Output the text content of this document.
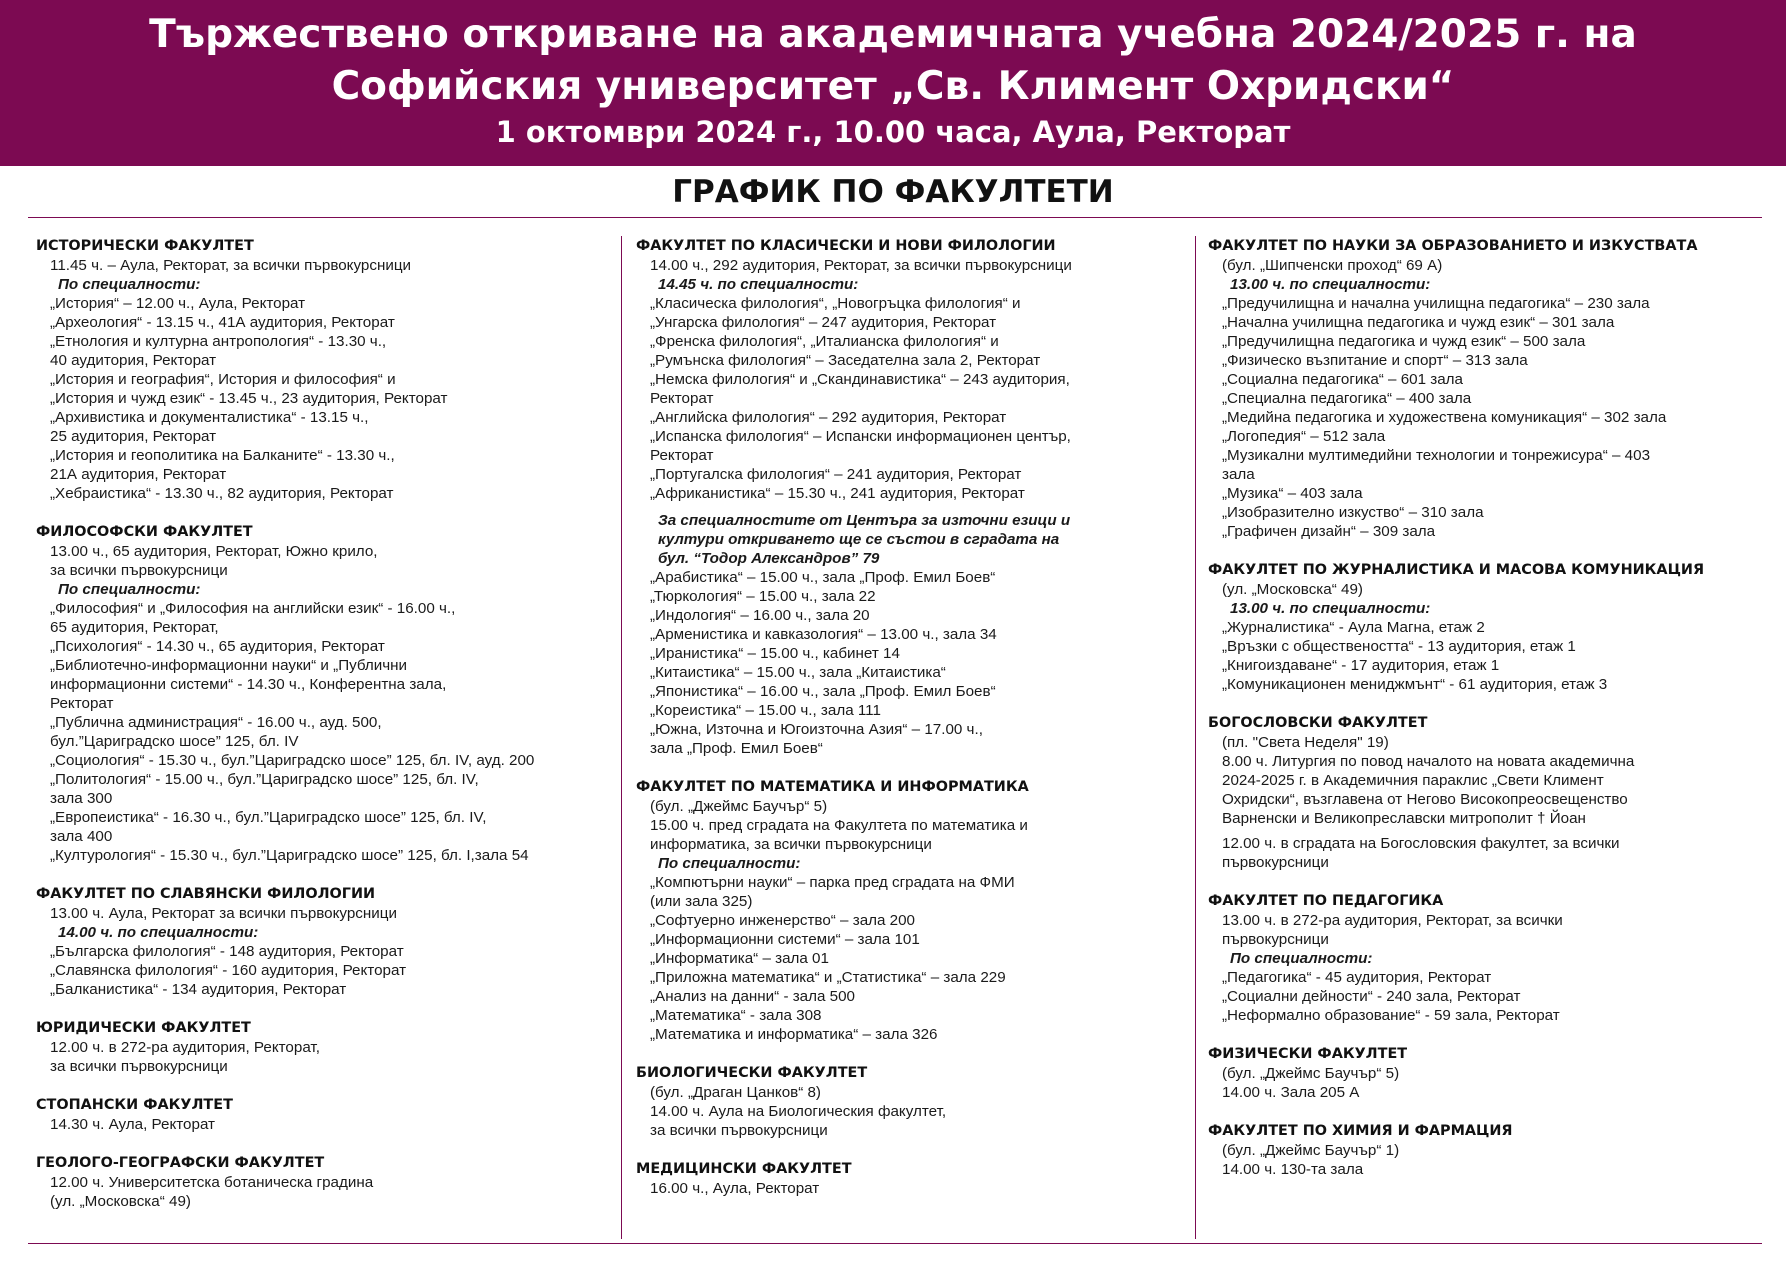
Тържествено откриване на академичната учебна 2024/2025 г. на
Софийския университет „Св. Климент Охридски“
1 октомври 2024 г., 10.00 часа, Аула, Ректорат
ГРАФИК ПО ФАКУЛТЕТИ
ИСТОРИЧЕСКИ ФАКУЛТЕТ
11.45 ч. – Аула, Ректорат, за всички първокурсници
По специалности:
„История“ – 12.00 ч., Аула, Ректорат
„Археология“ - 13.15 ч., 41А аудитория, Ректорат
„Етнология и културна антропология“ - 13.30 ч.,
40 аудитория, Ректорат
„История и география“, История и философия“ и
„История и чужд език“ - 13.45 ч., 23 аудитория, Ректорат
„Архивистика и документалистика“ - 13.15 ч.,
25 аудитория, Ректорат
„История и геополитика на Балканите“ - 13.30 ч.,
21А аудитория, Ректорат
„Хебраистика“ - 13.30 ч., 82 аудитория, Ректорат
ФИЛОСОФСКИ ФАКУЛТЕТ
13.00 ч., 65 аудитория, Ректорат, Южно крило,
за всички първокурсници
По специалности:
„Философия“ и „Философия на английски език“ - 16.00 ч.,
65 аудитория, Ректорат,
„Психология“ - 14.30 ч., 65 аудитория, Ректорат
„Библиотечно-информационни науки“ и „Публични
информационни системи“ - 14.30 ч., Конферентна зала,
Ректорат
„Публична администрация“ - 16.00 ч., ауд. 500,
бул.”Цариградско шосе” 125, бл. IV
„Социология“ - 15.30 ч., бул.”Цариградско шосе” 125, бл. IV, ауд. 200
„Политология“ - 15.00 ч., бул.”Цариградско шосе” 125, бл. IV,
зала 300
„Европеистика“ - 16.30 ч., бул.”Цариградско шосе” 125, бл. IV,
зала 400
„Културология“ - 15.30 ч., бул.”Цариградско шосе” 125, бл. I,зала 54
ФАКУЛТЕТ ПО СЛАВЯНСКИ ФИЛОЛОГИИ
13.00 ч. Аула, Ректорат за всички първокурсници
14.00 ч. по специалности:
„Българска филология“ - 148 аудитория, Ректорат
„Славянска филология“ - 160 аудитория, Ректорат
„Балканистика“ - 134 аудитория, Ректорат
ЮРИДИЧЕСКИ ФАКУЛТЕТ
12.00 ч. в 272-ра аудитория, Ректорат,
за всички първокурсници
СТОПАНСКИ ФАКУЛТЕТ
14.30 ч. Аула, Ректорат
ГЕОЛОГО-ГЕОГРАФСКИ ФАКУЛТЕТ
12.00 ч. Университетска ботаническа градина
(ул. „Московска“ 49)
ФАКУЛТЕТ ПО КЛАСИЧЕСКИ И НОВИ ФИЛОЛОГИИ
14.00 ч., 292 аудитория, Ректорат, за всички първокурсници
14.45 ч. по специалности:
„Класическа филология“, „Новогръцка филология“ и
„Унгарска филология“ – 247 аудитория, Ректорат
„Френска филология“, „Италианска филология“ и
„Румънска филология“ – Заседателна зала 2, Ректорат
„Немска филология“ и „Скандинавистика“ – 243 аудитория,
Ректорат
„Английска филология“ – 292 аудитория, Ректорат
„Испанска филология“ – Испански информационен център,
Ректорат
„Португалска филология“ – 241 аудитория, Ректорат
„Африканистика“ – 15.30 ч., 241 аудитория, Ректорат
За специалностите от Центъра за източни езици и
култури откриването ще се състои в сградата на
бул. “Тодор Александров” 79
„Арабистика“ – 15.00 ч., зала „Проф. Емил Боев“
„Тюркология“ – 15.00 ч., зала 22
„Индология“ – 16.00 ч., зала 20
„Арменистика и кавказология“ – 13.00 ч., зала 34
„Иранистика“ – 15.00 ч., кабинет 14
„Китаистика“ – 15.00 ч., зала „Китаистика“
„Японистика“ – 16.00 ч., зала „Проф. Емил Боев“
„Кореистика“ – 15.00 ч., зала 111
„Южна, Източна и Югоизточна Азия“ – 17.00 ч.,
зала „Проф. Емил Боев“
ФАКУЛТЕТ ПО МАТЕМАТИКА И ИНФОРМАТИКА
(бул. „Джеймс Баучър“ 5)
15.00 ч. пред сградата на Факултета по математика и
информатика, за всички първокурсници
По специалности:
„Компютърни науки“ – парка пред сградата на ФМИ
(или зала 325)
„Софтуерно инженерство“ – зала 200
„Информационни системи“ – зала 101
„Информатика“ – зала 01
„Приложна математика“ и „Статистика“ – зала 229
„Анализ на данни“ - зала 500
„Математика“ - зала 308
„Математика и информатика“ – зала 326
БИОЛОГИЧЕСКИ ФАКУЛТЕТ
(бул. „Драган Цанков“ 8)
14.00 ч. Аула на Биологическия факултет,
за всички първокурсници
МЕДИЦИНСКИ ФАКУЛТЕТ
16.00 ч., Аула, Ректорат
ФАКУЛТЕТ ПО НАУКИ ЗА ОБРАЗОВАНИЕТО И ИЗКУСТВАТА
(бул. „Шипченски проход“ 69 А)
13.00 ч. по специалности:
„Предучилищна и начална училищна педагогика“ – 230 зала
„Начална училищна педагогика и чужд език“ – 301 зала
„Предучилищна педагогика и чужд език“ – 500 зала
„Физическо възпитание и спорт“ – 313 зала
„Социална педагогика“ – 601 зала
„Специална педагогика“ – 400 зала
„Медийна педагогика и художествена комуникация“ – 302 зала
„Логопедия“ – 512 зала
„Музикални мултимедийни технологии и тонрежисура“ – 403
зала
„Музика“ – 403 зала
„Изобразително изкуство“ – 310 зала
„Графичен дизайн“ – 309 зала
ФАКУЛТЕТ ПО ЖУРНАЛИСТИКА И МАСОВА КОМУНИКАЦИЯ
(ул. „Московска“ 49)
13.00 ч. по специалности:
„Журналистика“ - Аула Магна, етаж 2
„Връзки с обществеността“ - 13 аудитория, етаж 1
„Книгоиздаване“ - 17 аудитория, етаж 1
„Комуникационен мениджмънт“ - 61 аудитория, етаж 3
БОГОСЛОВСКИ ФАКУЛТЕТ
(пл. "Света Неделя" 19)
8.00 ч. Литургия по повод началото на новата академична
2024-2025 г. в Академичния параклис „Свети Климент
Охридски“, възглавена от Негово Високопреосвещенство
Варненски и Великопреславски митрополит † Йоан
12.00 ч. в сградата на Богословския факултет, за всички
първокурсници
ФАКУЛТЕТ ПО ПЕДАГОГИКА
13.00 ч. в 272-ра аудитория, Ректорат, за всички
първокурсници
По специалности:
„Педагогика“ - 45 аудитория, Ректорат
„Социални дейности“ - 240 зала, Ректорат
„Неформално образование“ - 59 зала, Ректорат
ФИЗИЧЕСКИ ФАКУЛТЕТ
(бул. „Джеймс Баучър“ 5)
14.00 ч. Зала 205 А
ФАКУЛТЕТ ПО ХИМИЯ И ФАРМАЦИЯ
(бул. „Джеймс Баучър“ 1)
14.00 ч. 130-та зала
